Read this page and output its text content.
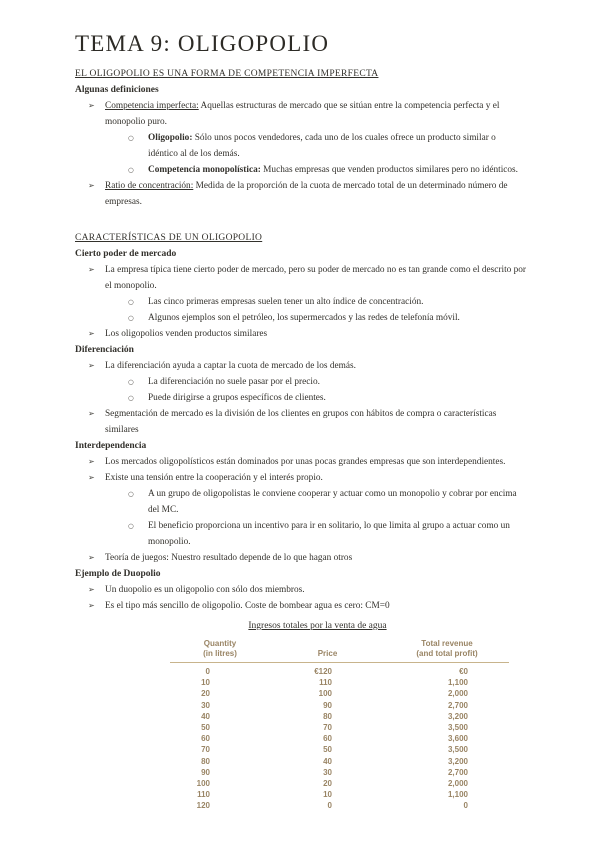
TEMA 9: OLIGOPOLIO
EL OLIGOPOLIO ES UNA FORMA DE COMPETENCIA IMPERFECTA
Algunas definiciones
➢	Competencia imperfecta: Aquellas estructuras de mercado que se sitúan entre la competencia perfecta y el monopolio puro.
○	Oligopolio: Sólo unos pocos vendedores, cada uno de los cuales ofrece un producto similar o idéntico al de los demás.
○	Competencia monopolística: Muchas empresas que venden productos similares pero no idénticos.
➢	Ratio de concentración: Medida de la proporción de la cuota de mercado total de un determinado número de empresas.
CARACTERÍSTICAS DE UN OLIGOPOLIO
Cierto poder de mercado
➢	La empresa típica tiene cierto poder de mercado, pero su poder de mercado no es tan grande como el descrito por el monopolio.
○	Las cinco primeras empresas suelen tener un alto índice de concentración.
○	Algunos ejemplos son el petróleo, los supermercados y las redes de telefonía móvil.
➢	Los oligopolios venden productos similares
Diferenciación
➢	La diferenciación ayuda a captar la cuota de mercado de los demás.
○	La diferenciación no suele pasar por el precio.
○	Puede dirigirse a grupos específicos de clientes.
➢	Segmentación de mercado es la división de los clientes en grupos con hábitos de compra o características similares
Interdependencia
➢	Los mercados oligopolísticos están dominados por unas pocas grandes empresas que son interdependientes.
➢	Existe una tensión entre la cooperación y el interés propio.
○	A un grupo de oligopolistas le conviene cooperar y actuar como un monopolio y cobrar por encima del MC.
○	El beneficio proporciona un incentivo para ir en solitario, lo que limita al grupo a actuar como un monopolio.
➢	Teoría de juegos: Nuestro resultado depende de lo que hagan otros
Ejemplo de Duopolio
➢	Un duopolio es un oligopolio con sólo dos miembros.
➢	Es el tipo más sencillo de oligopolio. Coste de bombear agua es cero: CM=0
Ingresos totales por la venta de agua
Quantity
(in litres)
	Price
Total revenue
(and total profit)
0	€120	€0
10	110	1,100
20	100	2,000
30	90	2,700
40	80	3,200
50	70	3,500
60	60	3,600
70	50	3,500
80	40	3,200
90	30	2,700
100	20	2,000
110	10	1,100
120	0	0
